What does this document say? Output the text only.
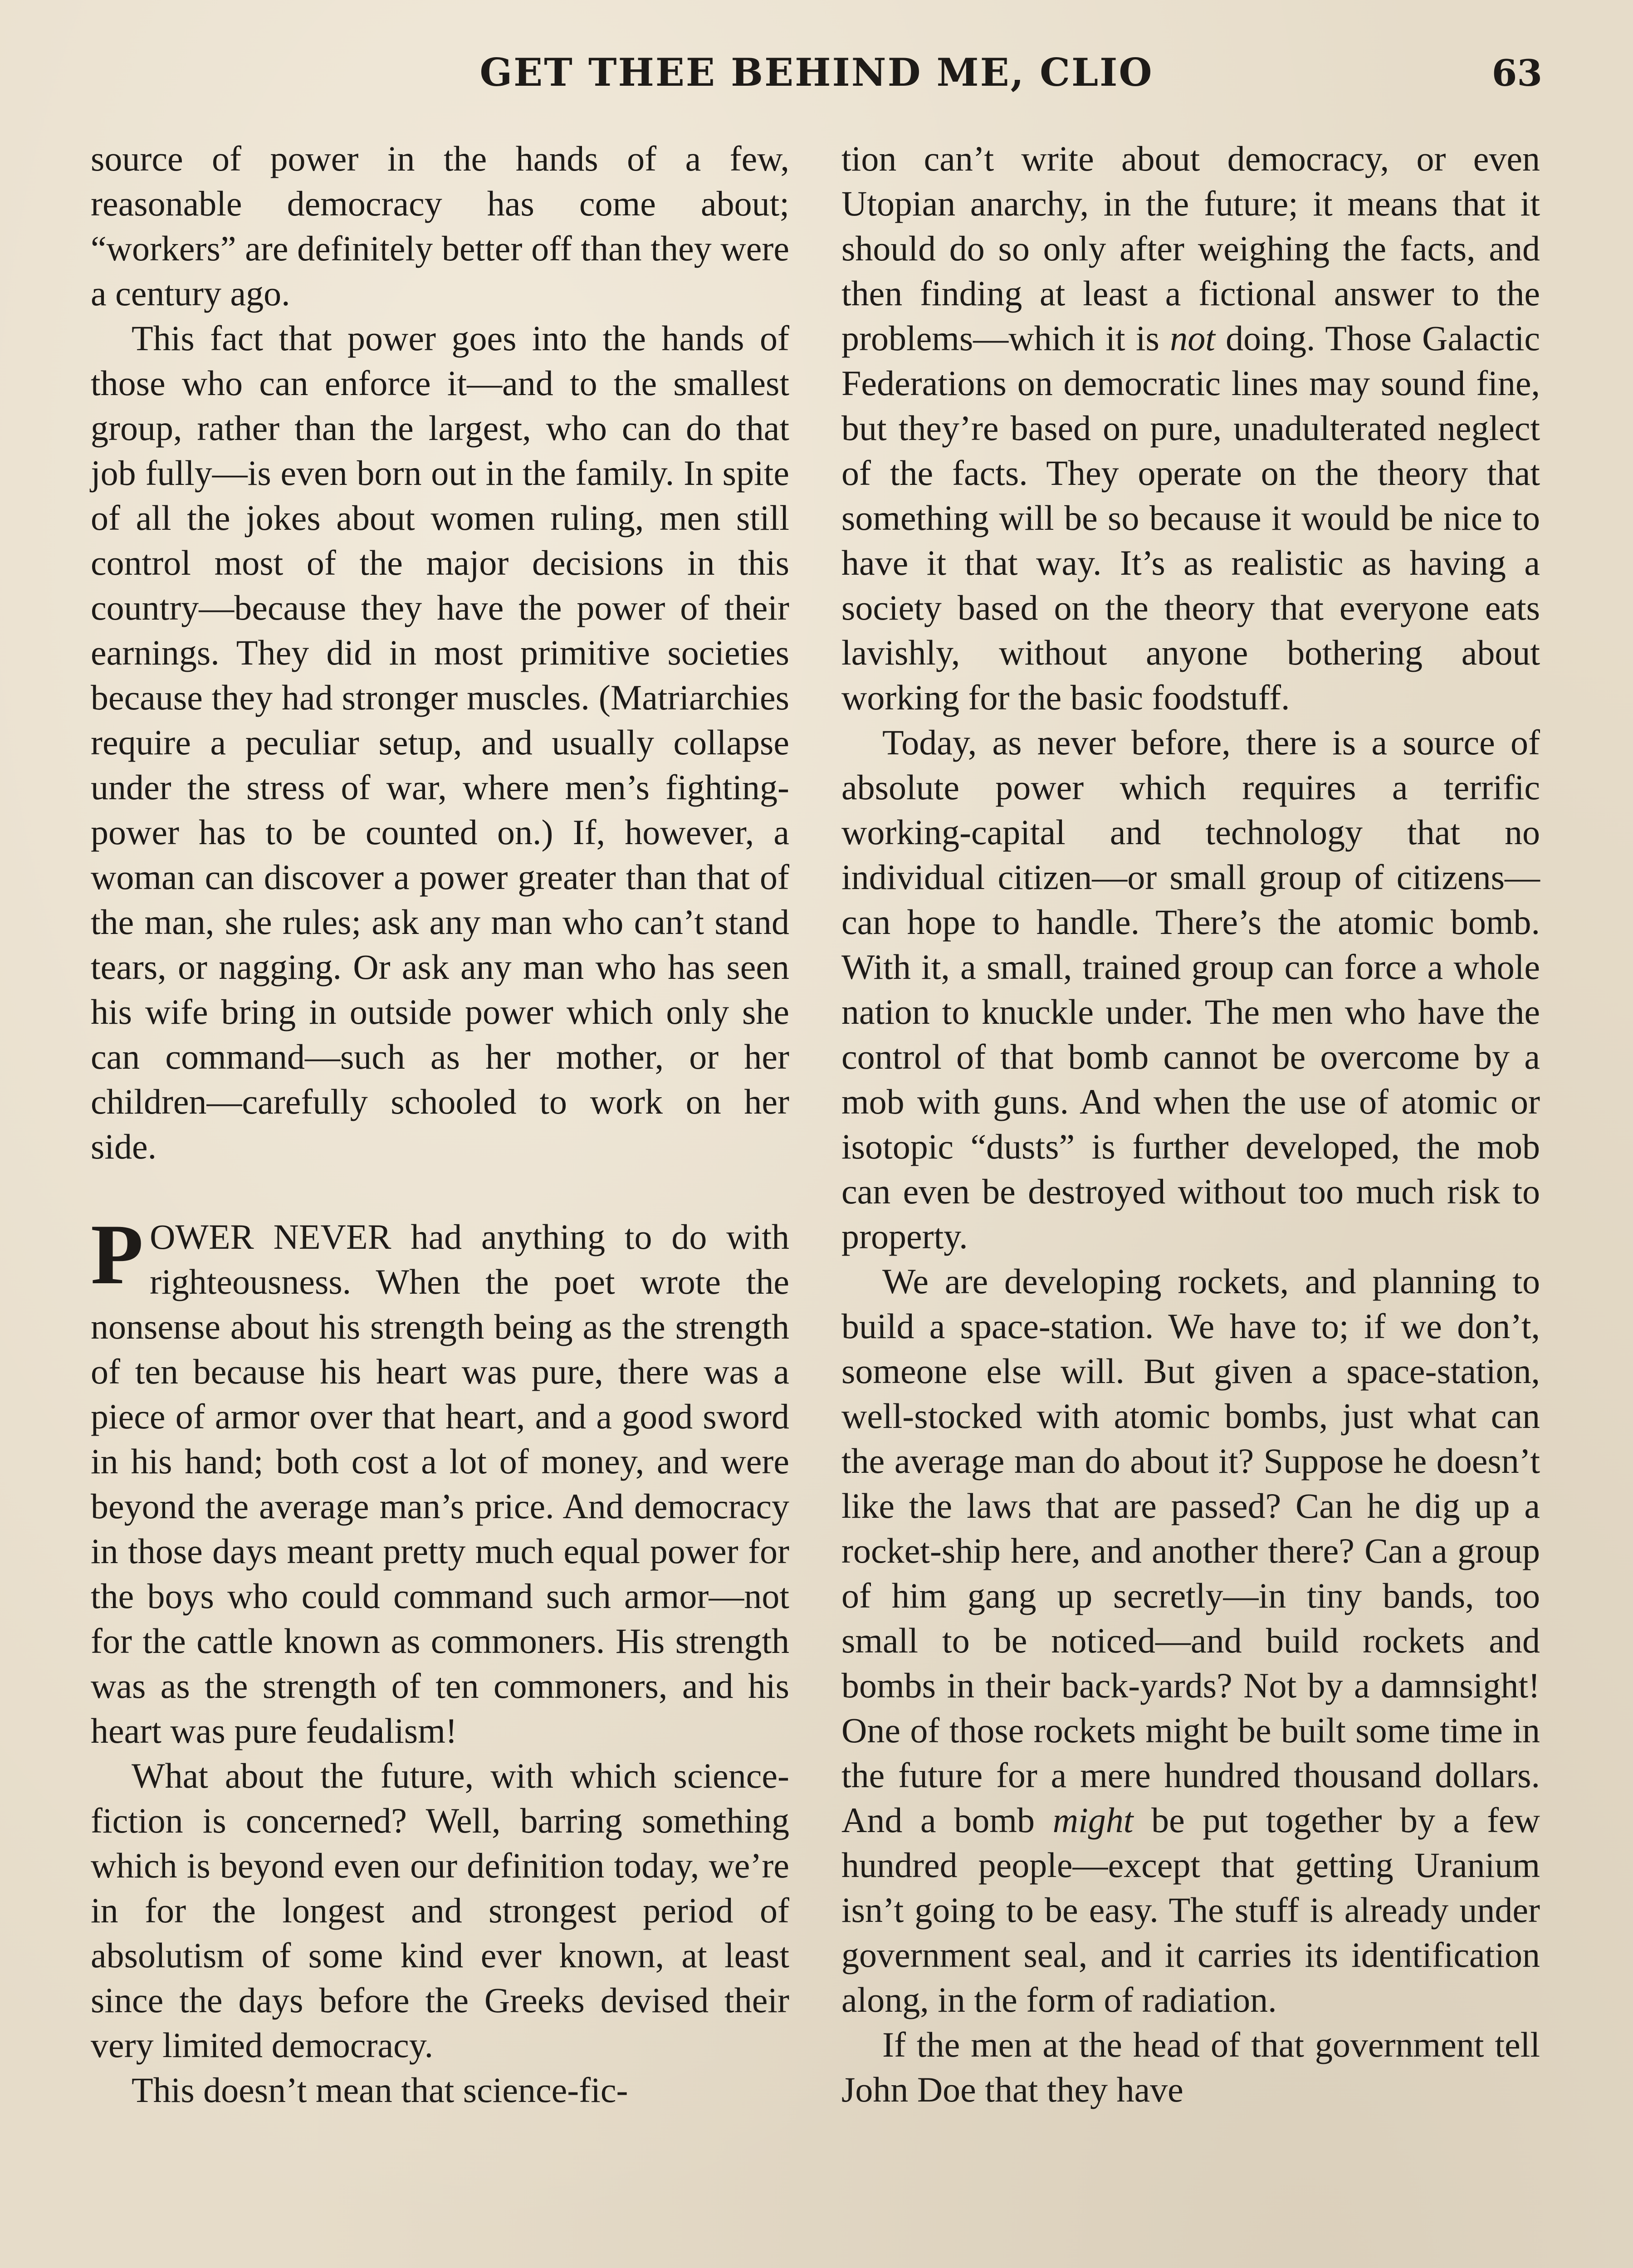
GET THEE BEHIND ME, CLIO	63

source of power in the hands of a few, reasonable democracy has come about; “workers” are definitely better off than they were a century ago.

This fact that power goes into the hands of those who can enforce it—and to the smallest group, rather than the largest, who can do that job fully—is even born out in the family. In spite of all the jokes about women ruling, men still control most of the major decisions in this country—because they have the power of their earnings. They did in most primitive societies because they had stronger muscles. (Matriarchies require a peculiar setup, and usually collapse under the stress of war, where men’s fighting-power has to be counted on.) If, however, a woman can discover a power greater than that of the man, she rules; ask any man who can’t stand tears, or nagging. Or ask any man who has seen his wife bring in outside power which only she can command—such as her mother, or her children—carefully schooled to work on her side.

POWER NEVER had anything to do with righteousness. When the poet wrote the nonsense about his strength being as the strength of ten because his heart was pure, there was a piece of armor over that heart, and a good sword in his hand; both cost a lot of money, and were beyond the average man’s price. And democracy in those days meant pretty much equal power for the boys who could command such armor—not for the cattle known as commoners. His strength was as the strength of ten commoners, and his heart was pure feudalism!

What about the future, with which science-fiction is concerned? Well, barring something which is beyond even our definition today, we’re in for the longest and strongest period of absolutism of some kind ever known, at least since the days before the Greeks devised their very limited democracy.

This doesn’t mean that science-fic-

tion can’t write about democracy, or even Utopian anarchy, in the future; it means that it should do so only after weighing the facts, and then finding at least a fictional answer to the problems—which it is not doing. Those Galactic Federations on democratic lines may sound fine, but they’re based on pure, unadulterated neglect of the facts. They operate on the theory that something will be so because it would be nice to have it that way. It’s as realistic as having a society based on the theory that everyone eats lavishly, without anyone bothering about working for the basic foodstuff.

Today, as never before, there is a source of absolute power which requires a terrific working-capital and technology that no individual citizen—or small group of citizens—can hope to handle. There’s the atomic bomb. With it, a small, trained group can force a whole nation to knuckle under. The men who have the control of that bomb cannot be overcome by a mob with guns. And when the use of atomic or isotopic “dusts” is further developed, the mob can even be destroyed without too much risk to property.

We are developing rockets, and planning to build a space-station. We have to; if we don’t, someone else will. But given a space-station, well-stocked with atomic bombs, just what can the average man do about it? Suppose he doesn’t like the laws that are passed? Can he dig up a rocket-ship here, and another there? Can a group of him gang up secretly—in tiny bands, too small to be noticed—and build rockets and bombs in their back-yards? Not by a damnsight! One of those rockets might be built some time in the future for a mere hundred thousand dollars. And a bomb might be put together by a few hundred people—except that getting Uranium isn’t going to be easy. The stuff is already under government seal, and it carries its identification along, in the form of radiation.

If the men at the head of that government tell John Doe that they have
